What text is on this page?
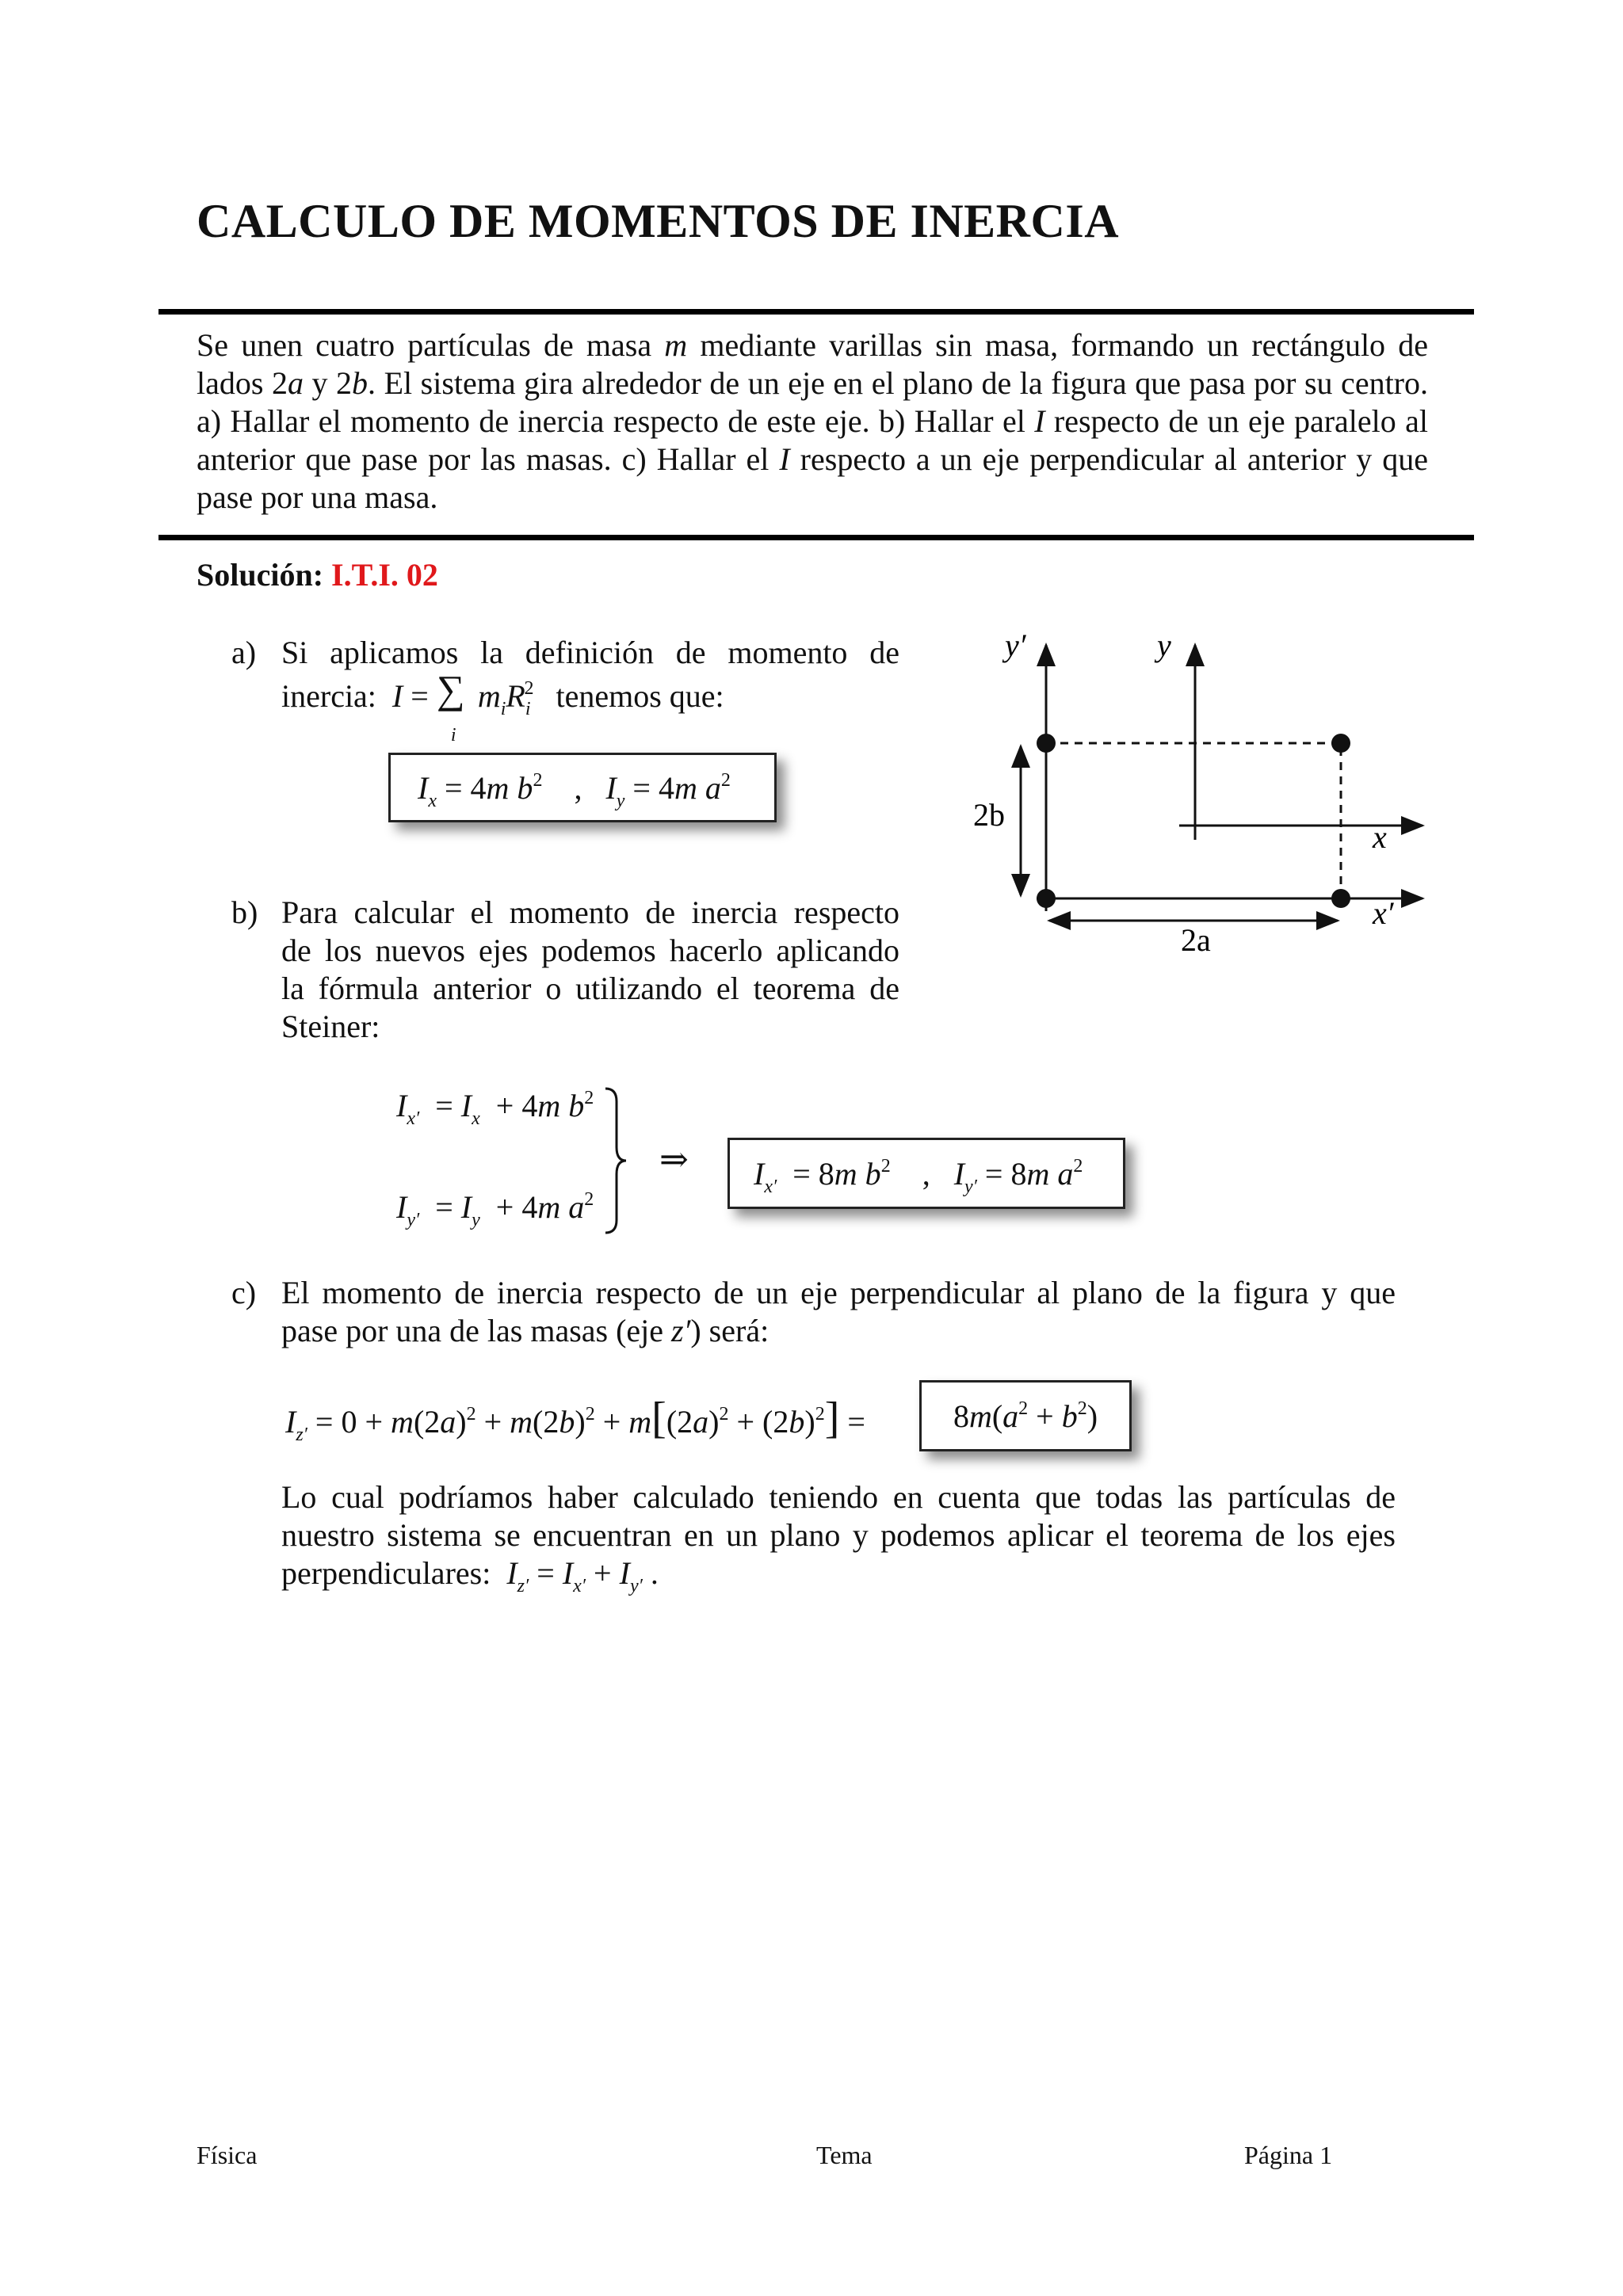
CALCULO DE MOMENTOS DE INERCIA
Se unen cuatro partículas de masa m mediante varillas sin masa, formando un rectángulo de lados 2a y 2b. El sistema gira alrededor de un eje en el plano de la figura que pasa por su centro. a) Hallar el momento de inercia respecto de este eje. b) Hallar el I respecto de un eje paralelo al anterior que pase por las masas. c) Hallar el I respecto a un eje perpendicular al anterior y que pase por una masa.
Solución: I.T.I. 02
a) Si aplicamos la definición de momento de
inercia: I = ∑
i
$m_iR_i^2$ tenemos que:
$I_x = 4m$ $b^2$    ,   $I_y = 4m$ $a^2$
y′	y
x
x′
2b
2a
b) Para calcular el momento de inercia respecto
de los nuevos ejes podemos hacerlo aplicando
la fórmula anterior o utilizando el teorema de
Steiner:
$I_{x'} = I_x + 4m$ $b^2$
$I_{y'} = I_y + 4m$ $a^2$
⇒ $I_{x'} = 8m$ $b^2$    ,   $I_{y'} = 8m$ $a^2$
c) El momento de inercia respecto de un eje perpendicular al plano de la figura y que
pase por una de las masas (eje z′) será:
$I_{z'} = 0 + m(2a)^2 + m(2b)^2 + m[(2a)^2 + (2b)^2]$ =	$8m(a^2 + b^2)$
Lo cual podríamos haber calculado teniendo en cuenta que todas las partículas de
nuestro sistema se encuentran en un plano y podemos aplicar el teorema de los ejes
perpendiculares: $I_{z'} = I_{x'} + I_{y'}$ .
Física	Tema	Página 1
